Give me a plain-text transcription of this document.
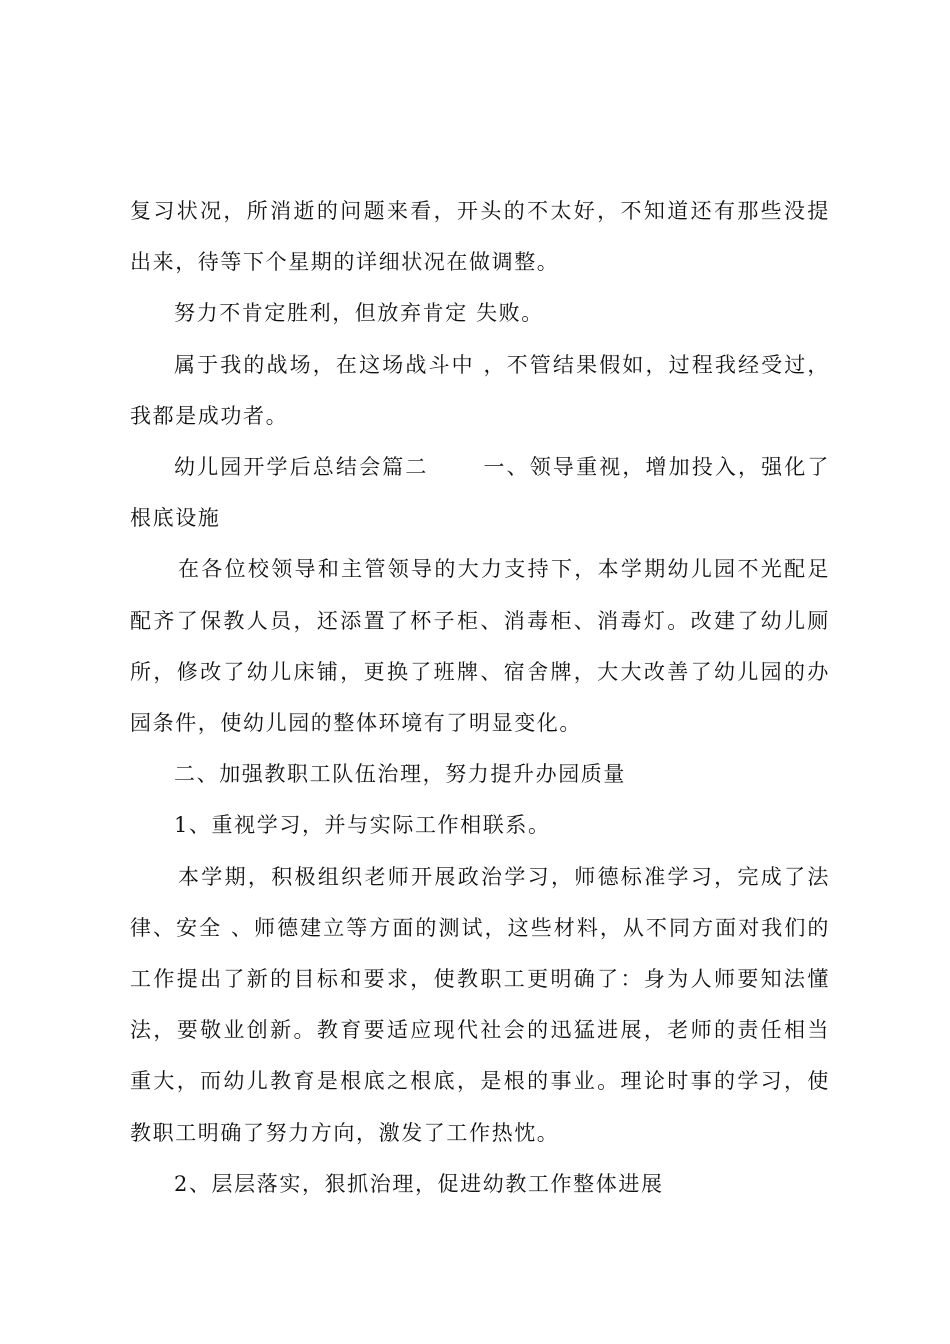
复习状况，所消逝的问题来看，开头的不太好，不知道还有那些没提出来，待等下个星期的详细状况在做调整。

努力不肯定胜利，但放弃肯定 失败。

属于我的战场，在这场战斗中 ，不管结果假如，过程我经受过，我都是成功者。

幼儿园开学后总结会篇二　　 一、领导重视，增加投入，强化了根底设施

在各位校领导和主管领导的大力支持下，本学期幼儿园不光配足配齐了保教人员，还添置了杯子柜、消毒柜、消毒灯。改建了幼儿厕所，修改了幼儿床铺，更换了班牌、宿舍牌，大大改善了幼儿园的办园条件，使幼儿园的整体环境有了明显变化。

二、加强教职工队伍治理，努力提升办园质量

1、重视学习，并与实际工作相联系。

本学期，积极组织老师开展政治学习，师德标准学习，完成了法律、安全 、师德建立等方面的测试，这些材料，从不同方面对我们的工作提出了新的目标和要求，使教职工更明确了：身为人师要知法懂法，要敬业创新。教育要适应现代社会的迅猛进展，老师的责任相当重大，而幼儿教育是根底之根底，是根的事业。理论时事的学习，使教职工明确了努力方向，激发了工作热忱。

2、层层落实，狠抓治理，促进幼教工作整体进展
